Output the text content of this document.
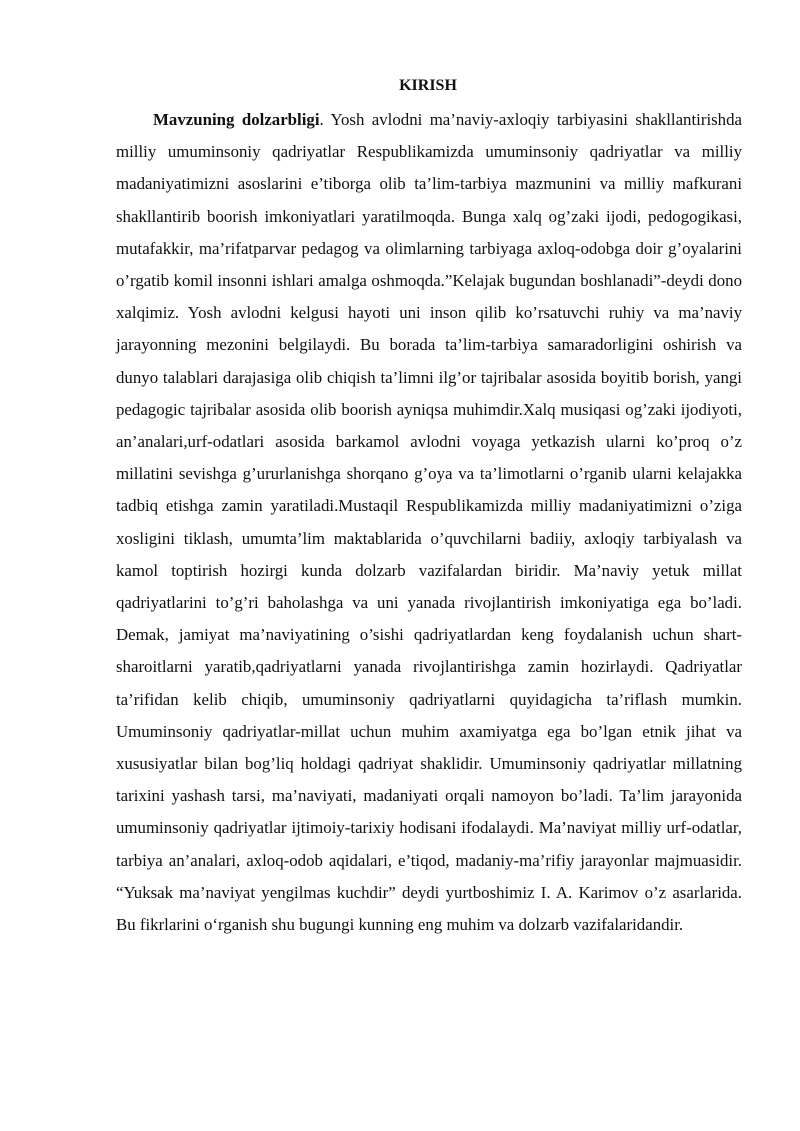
KIRISH

Mavzuning dolzarbligi. Yosh avlodni ma’naviy-axloqiy tarbiyasini shakllantirishda milliy umuminsoniy qadriyatlar Respublikamizda umuminsoniy qadriyatlar va milliy madaniyatimizni asoslarini e’tiborga olib ta’lim-tarbiya mazmunini va milliy mafkurani shakllantirib boorish imkoniyatlari yaratilmoqda. Bunga xalq og’zaki ijodi, pedogogikasi, mutafakkir, ma’rifatparvar pedagog va olimlarning tarbiyaga axloq-odobga doir g’oyalarini o’rgatib komil insonni ishlari amalga oshmoqda.”Kelajak bugundan boshlanadi”-deydi dono xalqimiz. Yosh avlodni kelgusi hayoti uni inson qilib ko’rsatuvchi ruhiy va ma’naviy jarayonning mezonini belgilaydi. Bu borada ta’lim-tarbiya samaradorligini oshirish va dunyo talablari darajasiga olib chiqish ta’limni ilg’or tajribalar asosida boyitib borish, yangi pedagogic tajribalar asosida olib boorish ayniqsa muhimdir.Xalq musiqasi og’zaki ijodiyoti, an’analari,urf-odatlari asosida barkamol avlodni voyaga yetkazish ularni ko’proq o’z millatini sevishga g’ururlanishga shorqano g’oya va ta’limotlarni o’rganib ularni kelajakka tadbiq etishga zamin yaratiladi.Mustaqil Respublikamizda milliy madaniyatimizni o’ziga xosligini tiklash, umumta’lim maktablarida o’quvchilarni badiiy, axloqiy tarbiyalash va kamol toptirish hozirgi kunda dolzarb vazifalardan biridir. Ma’naviy yetuk millat qadriyatlarini to’g’ri baholashga va uni yanada rivojlantirish imkoniyatiga ega bo’ladi. Demak, jamiyat ma’naviyatining o’sishi qadriyatlardan keng foydalanish uchun shart-sharoitlarni yaratib,qadriyatlarni yanada rivojlantirishga zamin hozirlaydi. Qadriyatlar ta’rifidan kelib chiqib, umuminsoniy qadriyatlarni quyidagicha ta’riflash mumkin. Umuminsoniy qadriyatlar-millat uchun muhim axamiyatga ega bo’lgan etnik jihat va xususiyatlar bilan bog’liq holdagi qadriyat shaklidir. Umuminsoniy qadriyatlar millatning tarixini yashash tarsi, ma’naviyati, madaniyati orqali namoyon bo’ladi. Ta’lim jarayonida umuminsoniy qadriyatlar ijtimoiy-tarixiy hodisani ifodalaydi. Ma’naviyat milliy urf-odatlar, tarbiya an’analari, axloq-odob aqidalari, e’tiqod, madaniy-ma’rifiy jarayonlar majmuasidir. “Yuksak ma’naviyat yengilmas kuchdir” deydi yurtboshimiz I. A. Karimov o’z asarlarida. Bu fikrlarini oʻrganish shu bugungi kunning eng muhim va dolzarb vazifalaridandir.
